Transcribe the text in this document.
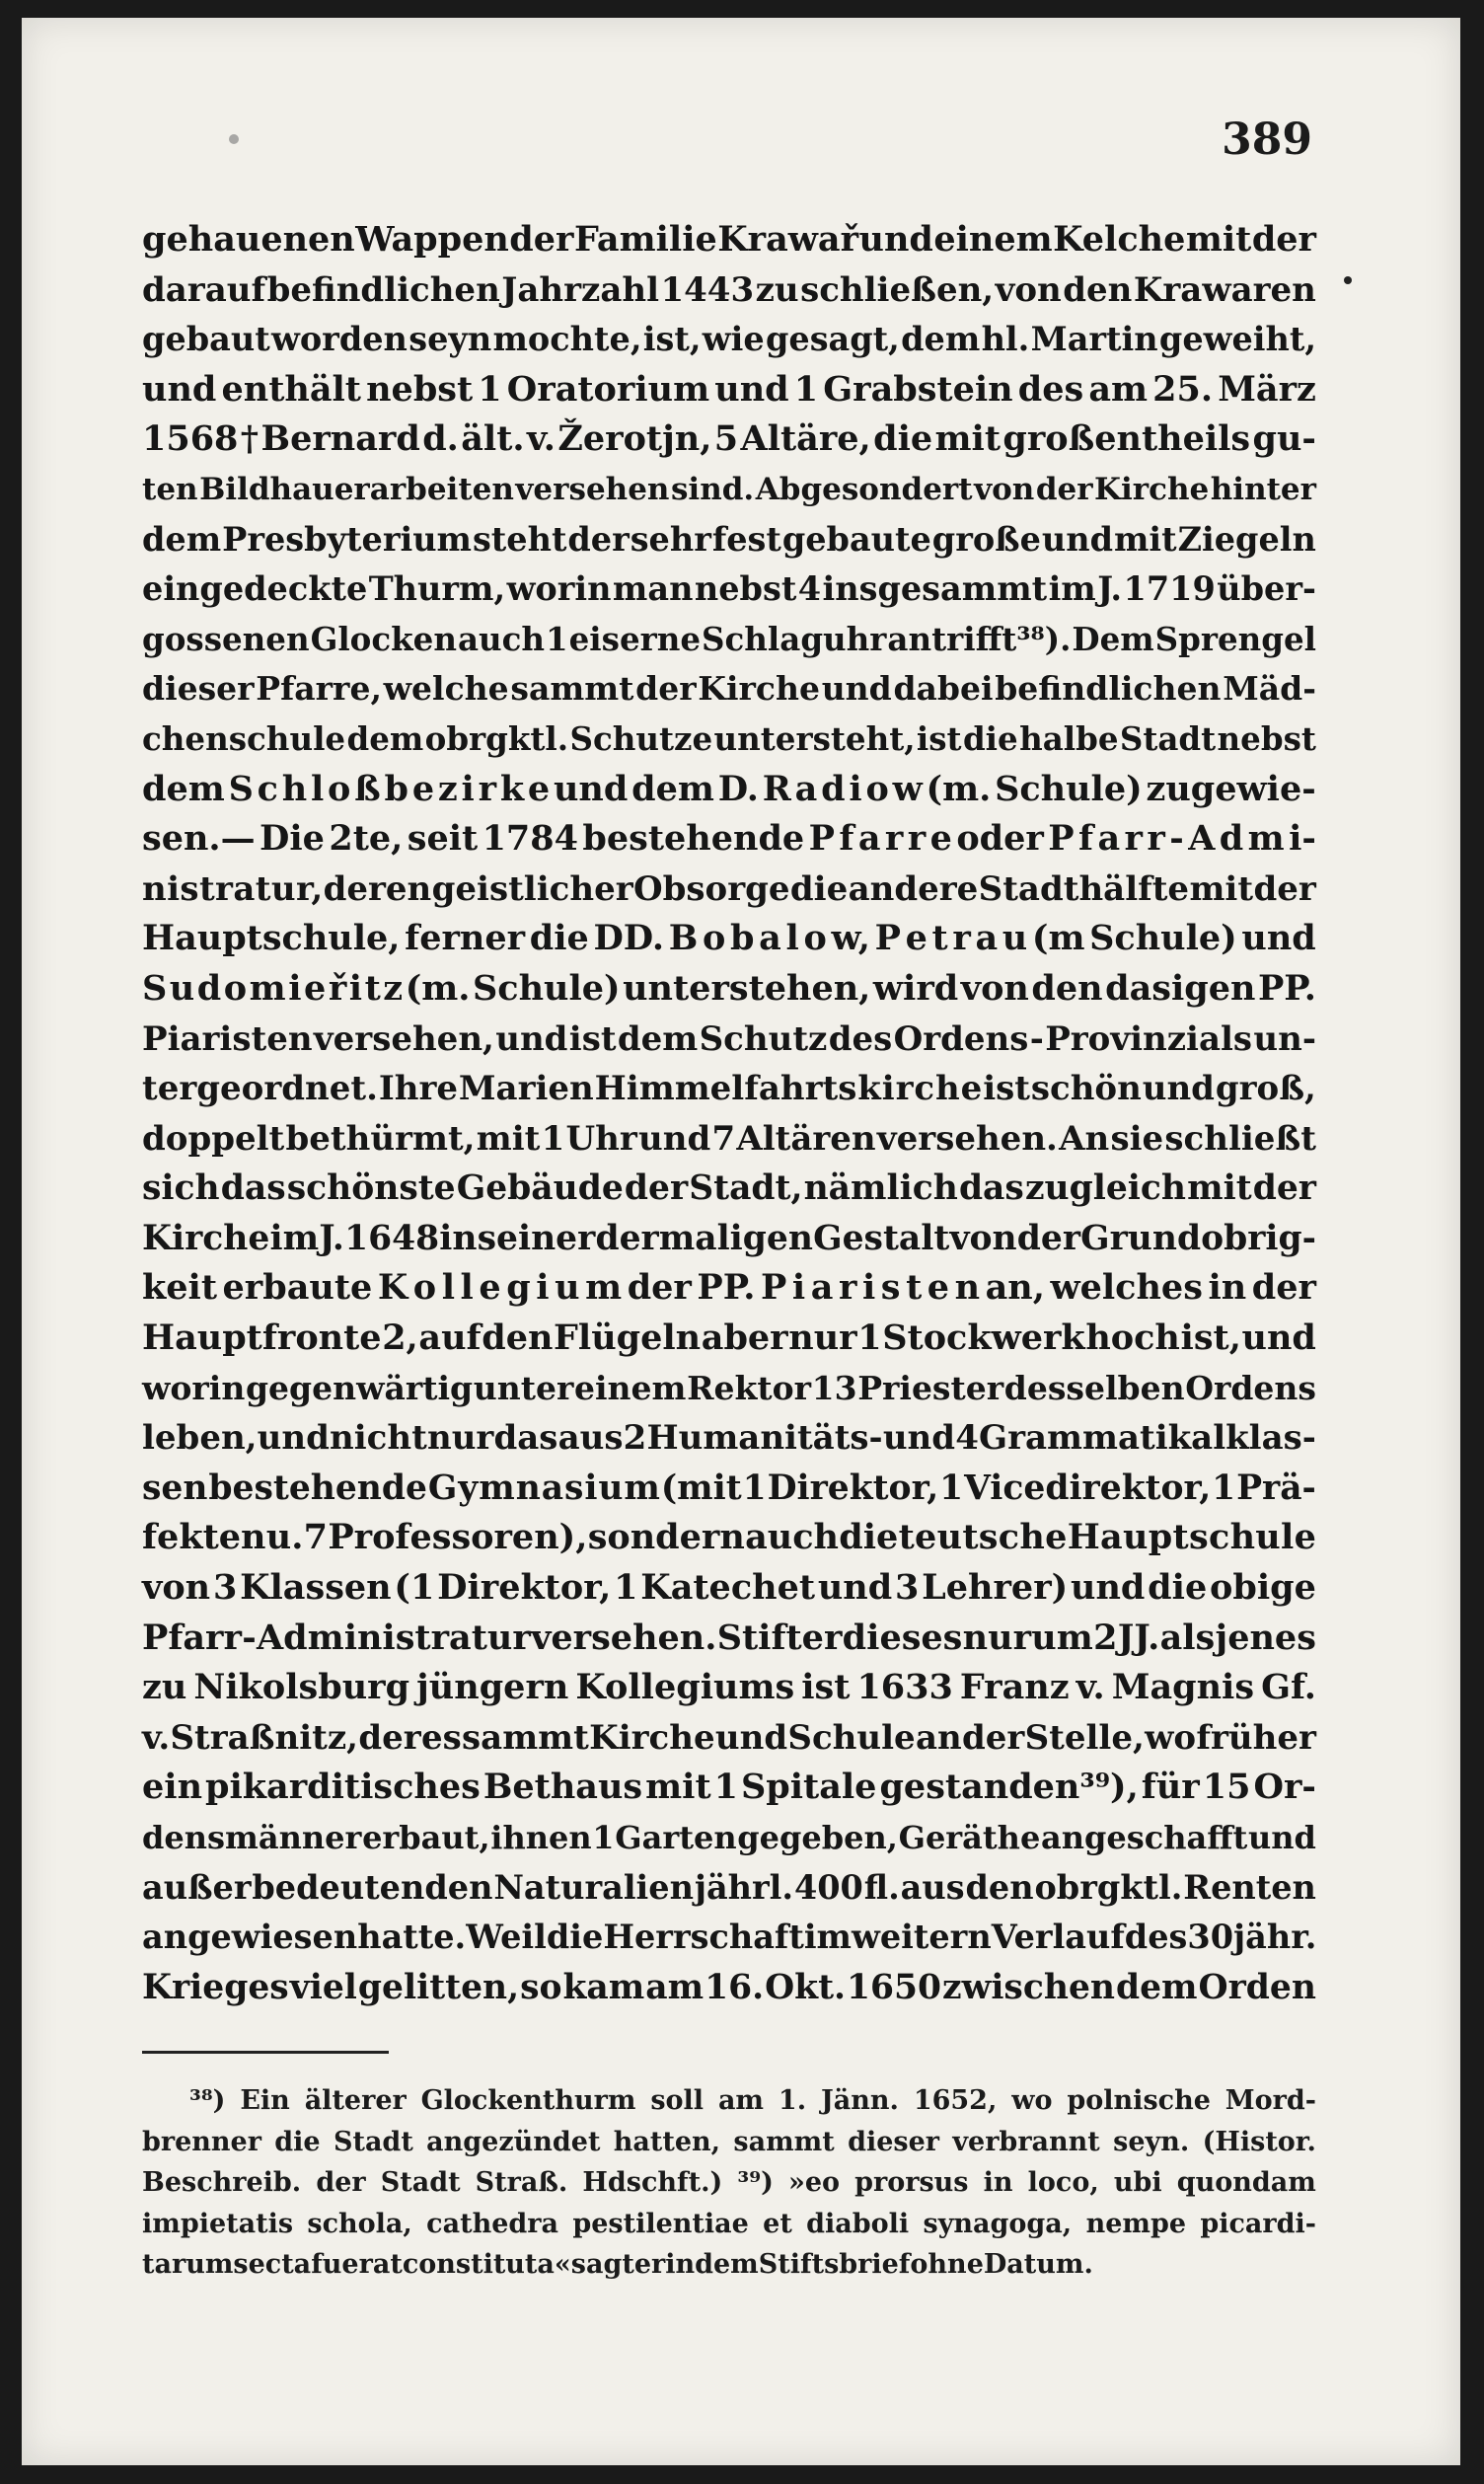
389
gehauenen Wappen der Familie Krawař und einem Kelche mit der
darauf befindlichen Jahrzahl 1443 zu schließen, von den Krawaren
gebaut worden seyn mochte, ist, wie gesagt, dem hl. Martin geweiht,
und enthält nebst 1 Oratorium und 1 Grabstein des am 25. März
1568 † Bernard d. ält. v. Žerotjn, 5 Altäre, die mit großentheils gu-
ten Bildhauerarbeiten versehen sind. Abgesondert von der Kirche hinter
dem Presbyterium steht der sehr fest gebaute große und mit Ziegeln
eingedeckte Thurm, worin man nebst 4 insgesammt im J. 1719 über-
gossenen Glocken auch 1 eiserne Schlaguhr antrifft³⁸). Dem Sprengel
dieser Pfarre, welche sammt der Kirche und dabei befindlichen Mäd-
chenschule dem obrgktl. Schutze untersteht, ist die halbe Stadt nebst
dem S c h l o ß b e z i r k e und dem D. R a d i o w (m. Schule) zugewie-
sen.— Die 2te, seit 1784 bestehende P f a r r e oder P f a r r - A d m i-
n i s t r a t u r, deren geistlicher Obsorge die andere Stadthälfte mit der
Hauptschule, ferner die DD. B o b a l o w, P e t r a u (m Schule) und
S u d o m i e ř i t z (m. Schule) unterstehen, wird von den dasigen PP.
Piaristen versehen, und ist dem Schutz des Ordens - Provinzials un-
tergeordnet. Ihre Marien Himmelfahrts k i r c h e ist schön und groß,
doppelt bethürmt, mit 1 Uhr und 7 Altären versehen. An sie schließt
sich das schönste Gebäude der Stadt, nämlich das zugleich mit der
Kirche im J. 1648 in seiner dermaligen Gestalt von der Grundobrig-
keit erbaute K o l l e g i u m der PP. P i a r i s t e n an, welches in der
Hauptfronte 2, auf den Flügeln aber nur 1 Stockwerk hoch ist, und
worin gegenwärtig unter einem Rektor 13 Priester desselben Ordens
leben, und nicht nur das aus 2 Humanitäts- und 4 Grammatikalklas-
sen bestehende G y m n a s i u m (mit 1 Direktor, 1 Vicedirektor, 1 Prä-
fekten u. 7 Professoren), sondern auch die t e u t s c h e H a u p t s c h u l e
von 3 Klassen (1 Direktor, 1 Katechet und 3 Lehrer) und die obige
Pfarr - Administratur versehen. Stifter dieses nur um 2 JJ. als jenes
zu Nikolsburg jüngern Kollegiums ist 1633 Franz v. Magnis Gf.
v. Straßnitz, der es sammt Kirche und Schule an der Stelle, wo früher
ein pikarditisches Bethaus mit 1 Spitale gestanden³⁹), für 15 Or-
densmänner erbaut, ihnen 1 Garten gegeben, Geräthe angeschafft und
außer bedeutenden Naturalien jährl. 400 fl. aus den obrgktl. Renten
angewiesen hatte. Weil die Herrschaft im weitern Verlauf des 30jähr.
Krieges viel gelitten, so kam am 16. Okt. 1650 zwischen dem Orden
³⁸) Ein älterer Glockenthurm soll am 1. Jänn. 1652, wo polnische Mord-
brenner die Stadt angezündet hatten, sammt dieser verbrannt seyn. (Histor.
Beschreib. der Stadt Straß. Hdschft.) ³⁹) »eo prorsus in loco, ubi quondam
impietatis schola, cathedra pestilentiae et diaboli synagoga, nempe picardi-
tarum secta fuerat constituta« sagt er in dem Stiftsbrief ohne Datum.
